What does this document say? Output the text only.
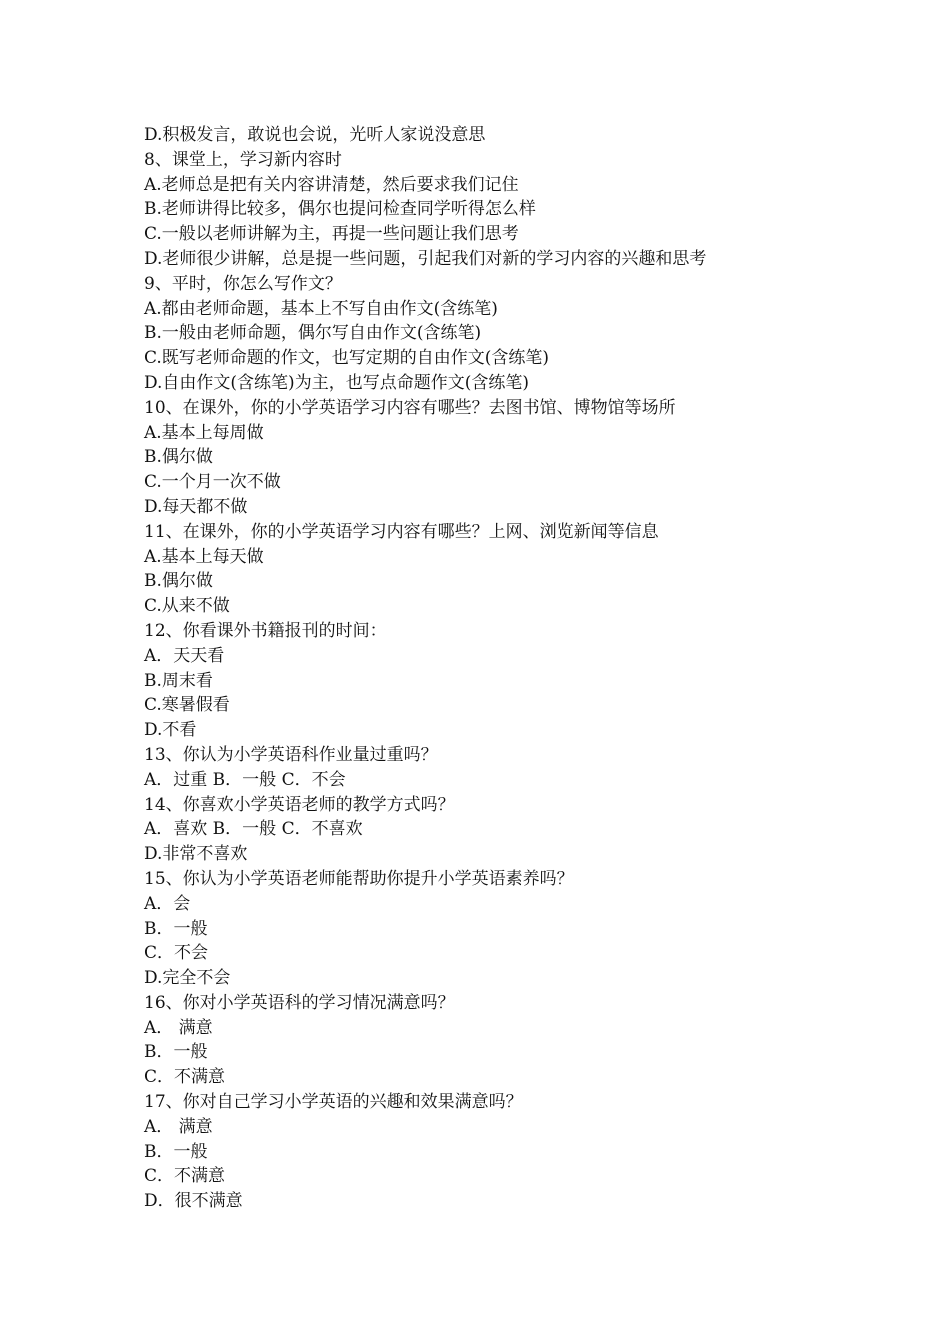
D.积极发言，敢说也会说，光听人家说没意思
8、课堂上，学习新内容时
A.老师总是把有关内容讲清楚，然后要求我们记住
B.老师讲得比较多，偶尔也提问检查同学听得怎么样
C.一般以老师讲解为主，再提一些问题让我们思考
D.老师很少讲解，总是提一些问题，引起我们对新的学习内容的兴趣和思考
9、平时，你怎么写作文？
A.都由老师命题，基本上不写自由作文(含练笔)
B.一般由老师命题，偶尔写自由作文(含练笔)
C.既写老师命题的作文，也写定期的自由作文(含练笔)
D.自由作文(含练笔)为主，也写点命题作文(含练笔)
10、在课外，你的小学英语学习内容有哪些？去图书馆、博物馆等场所
A.基本上每周做
B.偶尔做
C.一个月一次不做
D.每天都不做
11、在课外，你的小学英语学习内容有哪些？上网、浏览新闻等信息
A.基本上每天做
B.偶尔做
C.从来不做
12、你看课外书籍报刊的时间：
A．天天看
B.周末看
C.寒暑假看
D.不看
13、你认为小学英语科作业量过重吗？
A．过重 B．一般 C．不会
14、你喜欢小学英语老师的教学方式吗？
A．喜欢 B．一般 C．不喜欢
D.非常不喜欢
15、你认为小学英语老师能帮助你提升小学英语素养吗？
A．会
B．一般
C．不会
D.完全不会
16、你对小学英语科的学习情况满意吗？
A． 满意
B．一般
C．不满意
17、你对自己学习小学英语的兴趣和效果满意吗？
A． 满意
B．一般
C．不满意
D．很不满意
